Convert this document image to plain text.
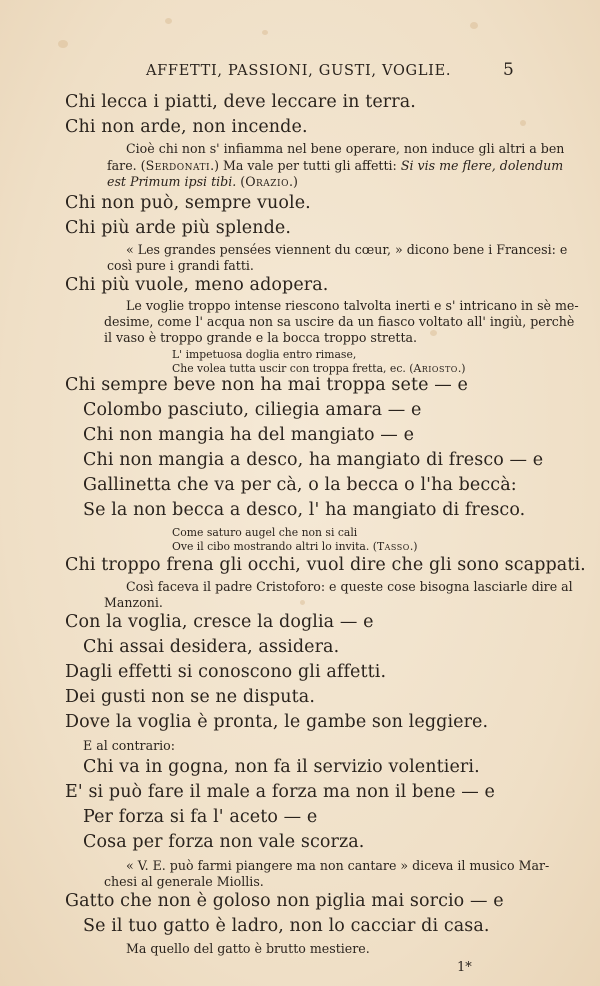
AFFETTI, PASSIONI, GUSTI, VOGLIE.	5
Chi lecca i piatti, deve leccare in terra.
Chi non arde, non incende.
Cioè chi non s' infiamma nel bene operare, non induce gli altri a ben
fare. (Serdonati.) Ma vale per tutti gli affetti: Si vis me flere, dolendum
est Primum ipsi tibi. (Orazio.)
Chi non può, sempre vuole.
Chi più arde più splende.
« Les grandes pensées viennent du cœur, » dicono bene i Francesi: e
così pure i grandi fatti.
Chi più vuole, meno adopera.
Le voglie troppo intense riescono talvolta inerti e s' intricano in sè me-
desime, come l' acqua non sa uscire da un fiasco voltato all' ingiù, perchè
il vaso è troppo grande e la bocca troppo stretta.
L' impetuosa doglia entro rimase,
Che volea tutta uscir con troppa fretta, ec. (Ariosto.)
Chi sempre beve non ha mai troppa sete — e
Colombo pasciuto, ciliegia amara — e
Chi non mangia ha del mangiato — e
Chi non mangia a desco, ha mangiato di fresco — e
Gallinetta che va per cà, o la becca o l'ha beccà:
Se la non becca a desco, l' ha mangiato di fresco.
Come saturo augel che non si cali
Ove il cibo mostrando altri lo invita. (Tasso.)
Chi troppo frena gli occhi, vuol dire che gli sono scappati.
Così faceva il padre Cristoforo: e queste cose bisogna lasciarle dire al
Manzoni.
Con la voglia, cresce la doglia — e
Chi assai desidera, assidera.
Dagli effetti si conoscono gli affetti.
Dei gusti non se ne disputa.
Dove la voglia è pronta, le gambe son leggiere.
E al contrario:
Chi va in gogna, non fa il servizio volentieri.
E' si può fare il male a forza ma non il bene — e
Per forza si fa l' aceto — e
Cosa per forza non vale scorza.
« V. E. può farmi piangere ma non cantare » diceva il musico Mar-
chesi al generale Miollis.
Gatto che non è goloso non piglia mai sorcio — e
Se il tuo gatto è ladro, non lo cacciar di casa.
Ma quello del gatto è brutto mestiere.
1*
